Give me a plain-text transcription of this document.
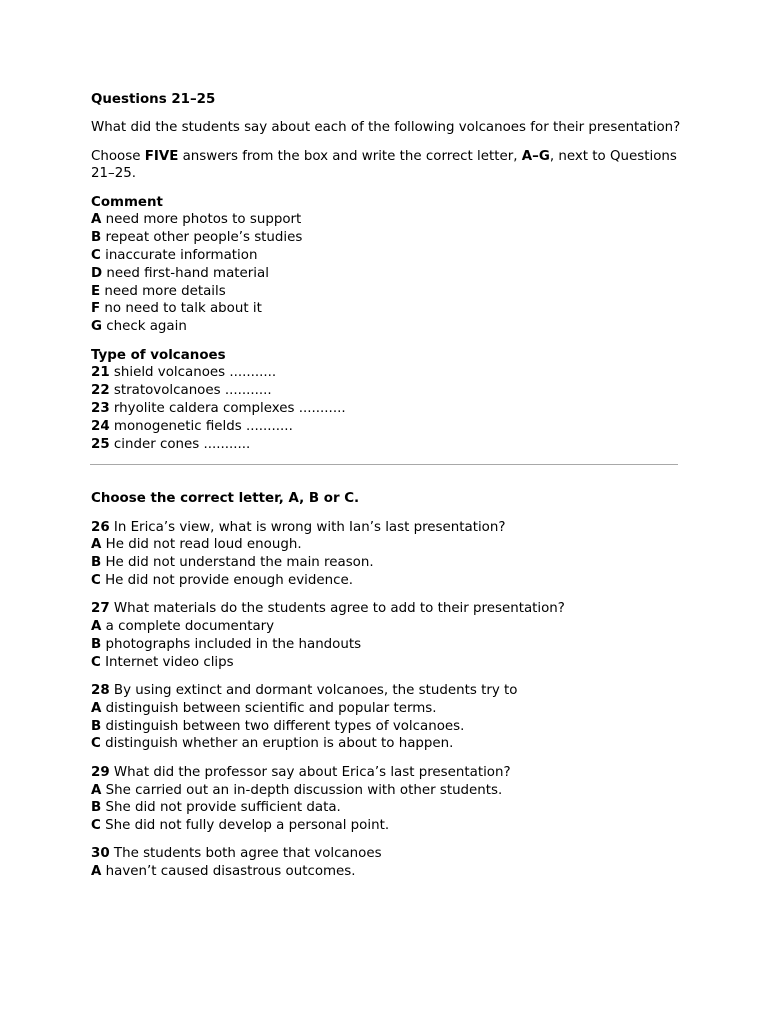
Questions 21–25

What did the students say about each of the following volcanoes for their presentation?

Choose FIVE answers from the box and write the correct letter, A–G, next to Questions 21–25.

Comment

A need more photos to support
B repeat other people’s studies
C inaccurate information
D need first-hand material
E need more details
F no need to talk about it
G check again

Type of volcanoes

21 shield volcanoes ...........
22 stratovolcanoes ...........
23 rhyolite caldera complexes ...........
24 monogenetic fields ...........
25 cinder cones ...........

Choose the correct letter, A, B or C.

26 In Erica’s view, what is wrong with Ian’s last presentation?

A He did not read loud enough.

B He did not understand the main reason.

C He did not provide enough evidence.

27 What materials do the students agree to add to their presentation?

A a complete documentary

B photographs included in the handouts

C Internet video clips

28 By using extinct and dormant volcanoes, the students try to

A distinguish between scientific and popular terms.

B distinguish between two different types of volcanoes.

C distinguish whether an eruption is about to happen.

29 What did the professor say about Erica’s last presentation?

A She carried out an in-depth discussion with other students.

B She did not provide sufficient data.

C She did not fully develop a personal point.

30 The students both agree that volcanoes

A haven’t caused disastrous outcomes.
